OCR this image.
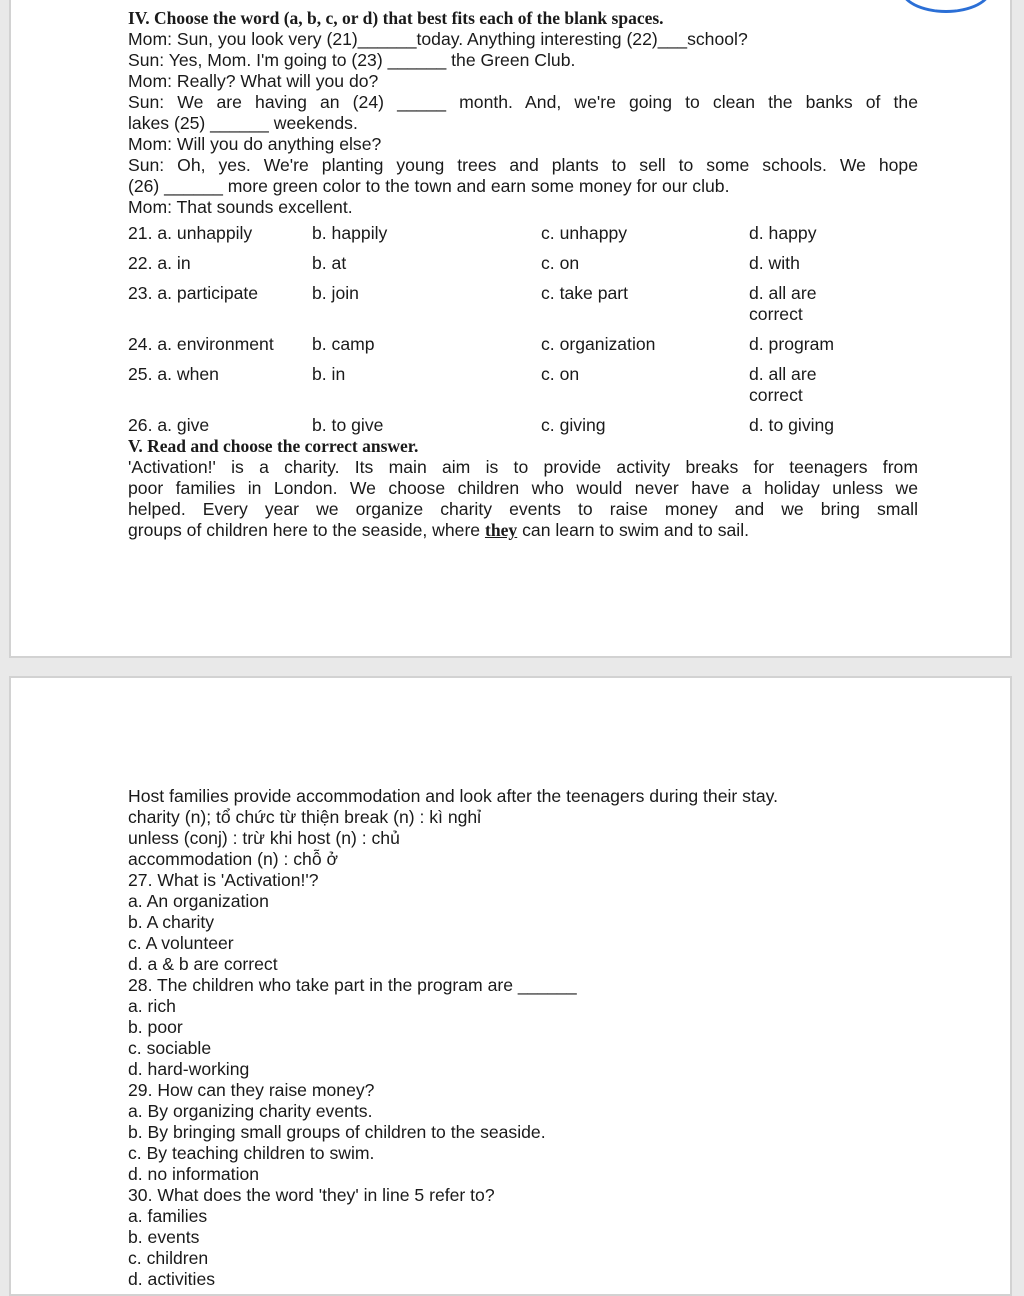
IV. Choose the word (a, b, c, or d) that best fits each of the blank spaces.
Mom: Sun, you look very (21)______today. Anything interesting (22)___school?
Sun: Yes, Mom. I'm going to (23) ______ the Green Club.
Mom: Really? What will you do?
Sun: We are having an (24) _____ month. And, we're going to clean the banks of the
lakes (25) ______ weekends.
Mom: Will you do anything else?
Sun: Oh, yes. We're planting young trees and plants to sell to some schools. We hope
(26) ______ more green color to the town and earn some money for our club.
Mom: That sounds excellent.
21. a. unhappily	b. happily	c. unhappy	d. happy
22. a. in	b. at	c. on	d. with
23. a. participate	b. join	c. take part	d. all are correct
24. a. environment b. camp	c. organization	d. program
25. a. when	b. in	c. on	d. all are correct
26. a. give	b. to give	c. giving	d. to giving
V. Read and choose the correct answer.
'Activation!' is a charity. Its main aim is to provide activity breaks for teenagers from
poor families in London. We choose children who would never have a holiday unless we
helped. Every year we organize charity events to raise money and we bring small
groups of children here to the seaside, where they can learn to swim and to sail.
Host families provide accommodation and look after the teenagers during their stay.
charity (n); tổ chức từ thiện break (n) : kì nghỉ
unless (conj) : trừ khi host (n) : chủ
accommodation (n) : chỗ ở
27. What is 'Activation!'?
a. An organization
b. A charity
c. A volunteer
d. a & b are correct
28. The children who take part in the program are ______
a. rich
b. poor
c. sociable
d. hard-working
29. How can they raise money?
a. By organizing charity events.
b. By bringing small groups of children to the seaside.
c. By teaching children to swim.
d. no information
30. What does the word 'they' in line 5 refer to?
a. families
b. events
c. children
d. activities
